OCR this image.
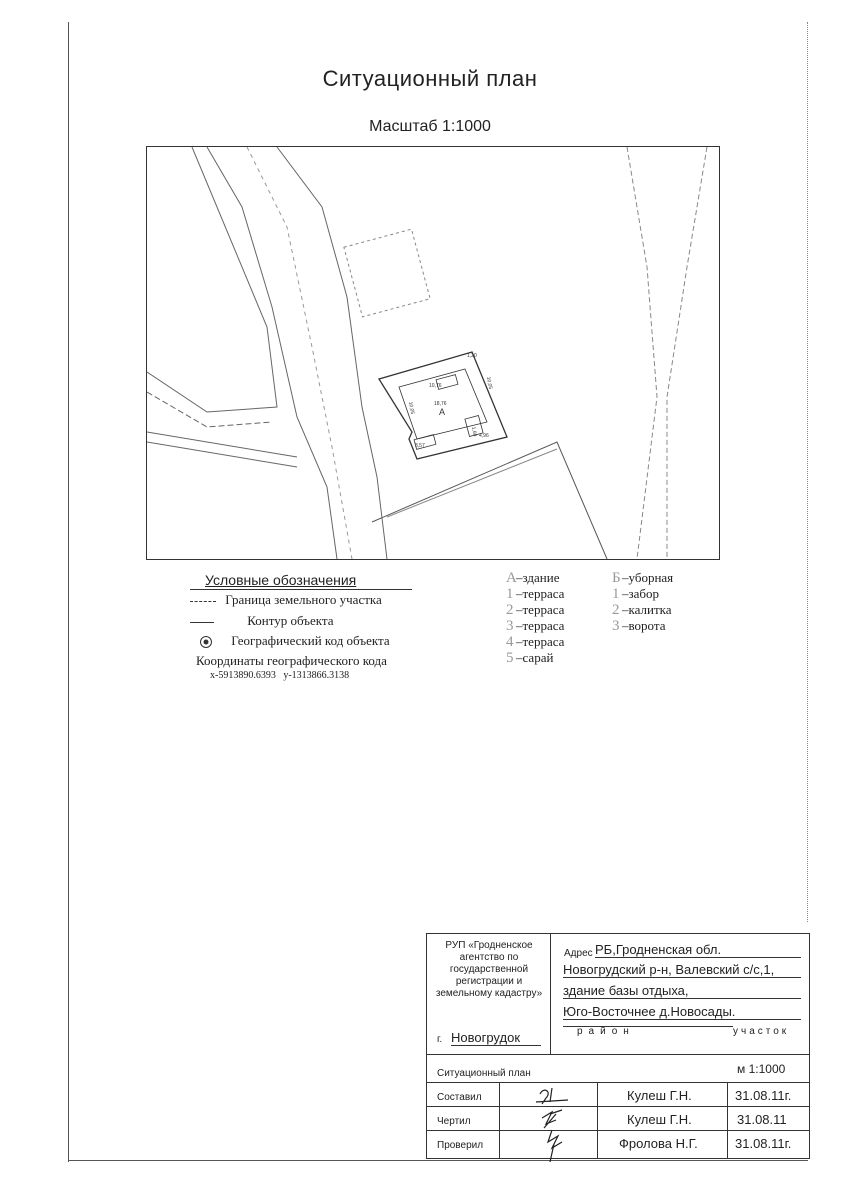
Ситуационный план
Масштаб 1:1000
10,76
18,76
1,20
10,05
10,05
3,57
4,96
1,60
А
Условные обозначения
Граница земельного участка
Контур объекта
Географический код объекта
Координаты географического кода
x-5913890.6393 y-1313866.3138
А–здание
1 –терраса
2 –терраса
3 –терраса
4 –терраса
5 –сарай
Б–уборная
1 –забор
2 –калитка
3 –ворота
РУП «Гродненское агентство по государственной регистрации и земельному кадастру»
г. Новогрудок
Адрес РБ,Гродненская обл.
Новогрудский р-н, Валевский с/с,1,
здание базы отдыха,
Юго-Восточнее д.Новосады.
район	участок
Ситуационный план	м 1:1000
Составил	Кулеш Г.Н.	31.08.11г.
Чертил	Кулеш Г.Н.	31.08.11
Проверил	Фролова Н.Г.	31.08.11г.
